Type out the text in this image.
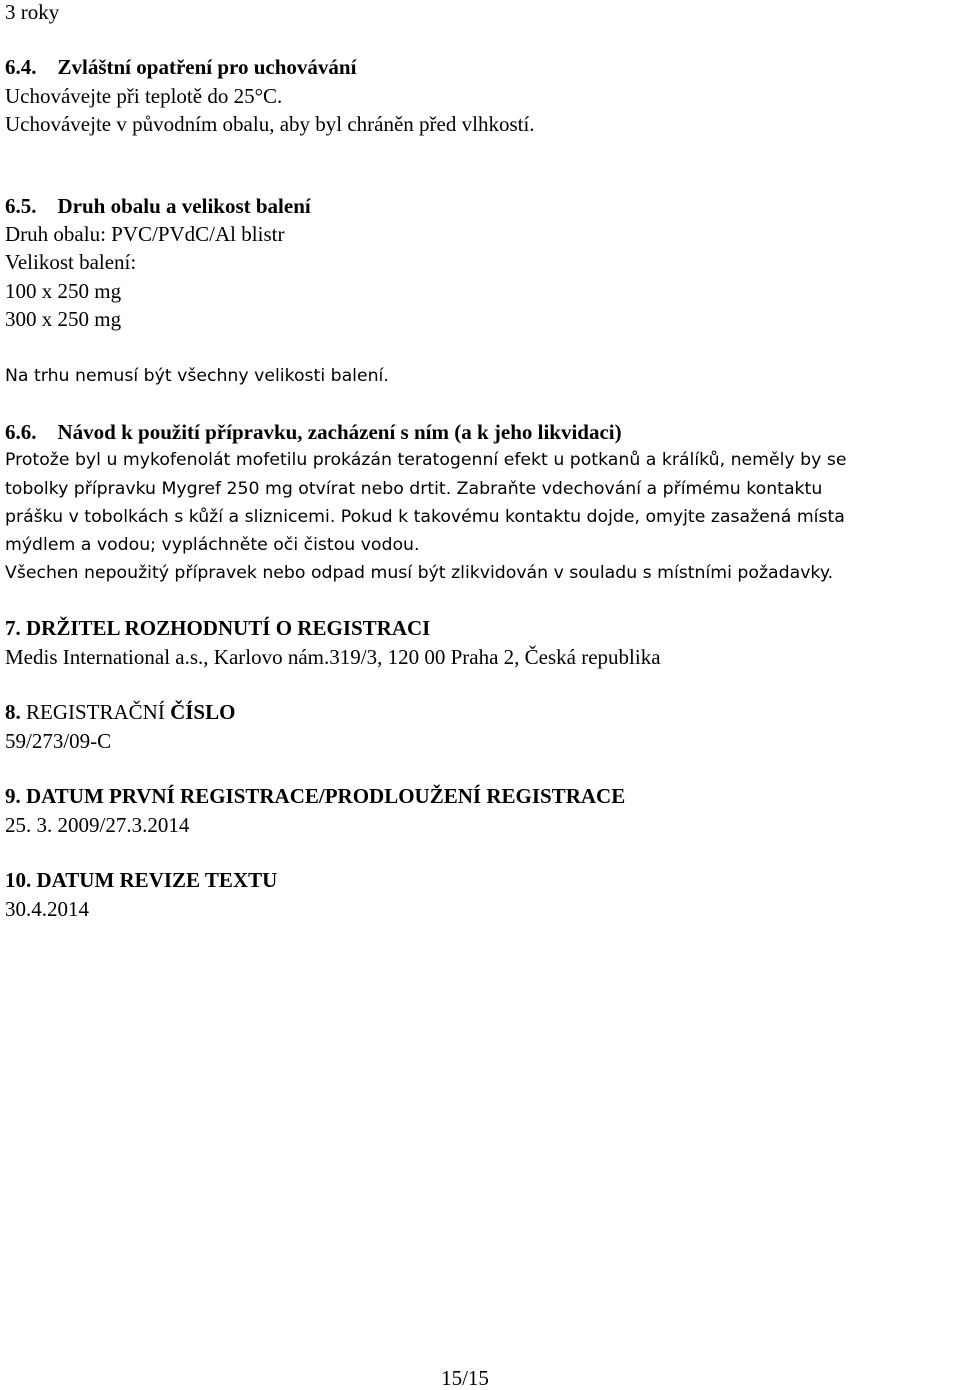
3 roky
6.4. Zvláštní opatření pro uchovávání
Uchovávejte při teplotě do 25°C.
Uchovávejte v původním obalu, aby byl chráněn před vlhkostí.
6.5. Druh obalu a velikost balení
Druh obalu: PVC/PVdC/Al blistr
Velikost balení:
100 x 250 mg
300 x 250 mg
Na trhu nemusí být všechny velikosti balení.
6.6. Návod k použití přípravku, zacházení s ním (a k jeho likvidaci)
Protože byl u mykofenolát mofetilu prokázán teratogenní efekt u potkanů a králíků, neměly by se
tobolky přípravku Mygref 250 mg otvírat nebo drtit. Zabraňte vdechování a přímému kontaktu
prášku v tobolkách s kůží a sliznicemi. Pokud k takovému kontaktu dojde, omyjte zasažená místa
mýdlem a vodou; vypláchněte oči čistou vodou.
Všechen nepoužitý přípravek nebo odpad musí být zlikvidován v souladu s místními požadavky.
7. DRŽITEL ROZHODNUTÍ O REGISTRACI
Medis International a.s., Karlovo nám.319/3, 120 00 Praha 2, Česká republika
8. REGISTRAČNÍ ČÍSLO
59/273/09-C
9. DATUM PRVNÍ REGISTRACE/PRODLOUŽENÍ REGISTRACE
25. 3. 2009/27.3.2014
10. DATUM REVIZE TEXTU
30.4.2014
15/15
